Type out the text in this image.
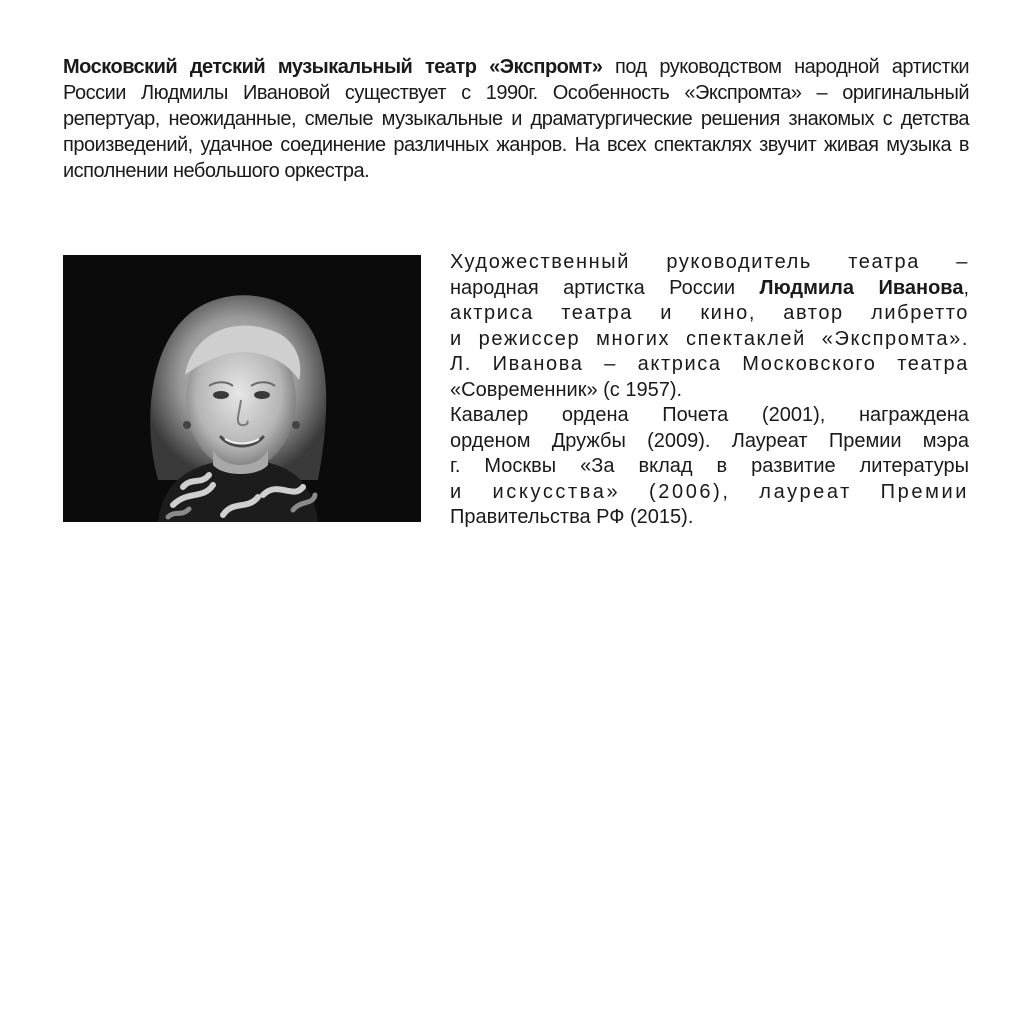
Московский детский музыкальный театр «Экспромт» под руководством народной артистки России Людмилы Ивановой существует с 1990г. Особенность «Экспромта» – оригинальный репертуар, неожиданные, смелые музыкальные и драматургические решения знакомых с детства произведений, удачное соединение различных жанров. На всех спектаклях звучит живая музыка в исполнении небольшого оркестра.

Художественный руководитель театра –
народная артистка России Людмила Иванова,
актриса театра и кино, автор либретто
и режиссер многих спектаклей «Экспромта».
Л. Иванова – актриса Московского театра
«Современник» (с 1957).
Кавалер ордена Почета (2001), награждена
орденом Дружбы (2009). Лауреат Премии мэра
г. Москвы «За вклад в развитие литературы
и искусства» (2006), лауреат Премии
Правительства РФ (2015).
